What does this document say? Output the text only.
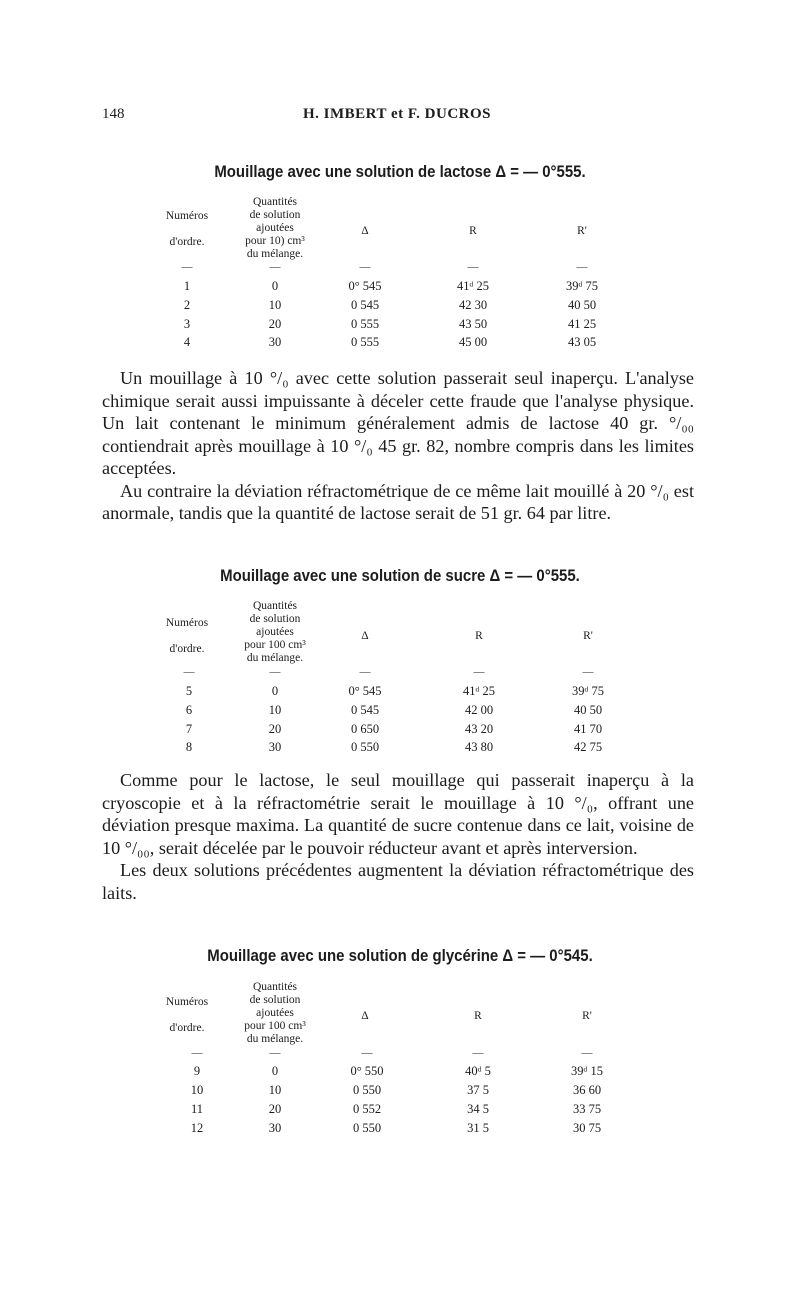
148	H. IMBERT et F. DUCROS
Mouillage avec une solution de lactose Δ = — 0°555.
Numéros
d'ordre.
Quantités
de solution
ajoutées
pour 10) cm³
du mélange.
Δ	R	R'
—	—	—	—	—
1	0	0° 545	41ᵈ 25	39ᵈ 75
2	10	0 545	42 30	40 50
3	20	0 555	43 50	41 25
4	30	0 555	45 00	43 05

Un mouillage à 10 °/₀ avec cette solution passerait seul inaperçu. L'analyse chimique serait aussi impuissante à déceler cette fraude que l'analyse physique. Un lait contenant le minimum généralement admis de lactose 40 gr. °/₀₀ contiendrait après mouillage à 10 °/₀ 45 gr. 82, nombre compris dans les limites acceptées.

Au contraire la déviation réfractométrique de ce même lait mouillé à 20 °/₀ est anormale, tandis que la quantité de lactose serait de 51 gr. 64 par litre.

Mouillage avec une solution de sucre Δ = — 0°555.
Numéros
d'ordre.
Quantités
de solution
ajoutées
pour 100 cm³
du mélange.
Δ	R	R'
—	—	—	—	—
5	0	0° 545	41ᵈ 25	39ᵈ 75
6	10	0 545	42 00	40 50
7	20	0 650	43 20	41 70
8	30	0 550	43 80	42 75

Comme pour le lactose, le seul mouillage qui passerait inaperçu à la cryoscopie et à la réfractométrie serait le mouillage à 10 °/₀, offrant une déviation presque maxima. La quantité de sucre contenue dans ce lait, voisine de 10 °/₀₀, serait décelée par le pouvoir réducteur avant et après interversion.

Les deux solutions précédentes augmentent la déviation réfractométrique des laits.

Mouillage avec une solution de glycérine Δ = — 0°545.
Numéros
d'ordre.
Quantités
de solution
ajoutées
pour 100 cm³
du mélange.
Δ	R	R'
—	—	—	—	—
9	0	0° 550	40ᵈ 5	39ᵈ 15
10	10	0 550	37 5	36 60
11	20	0 552	34 5	33 75
12	30	0 550	31 5	30 75
